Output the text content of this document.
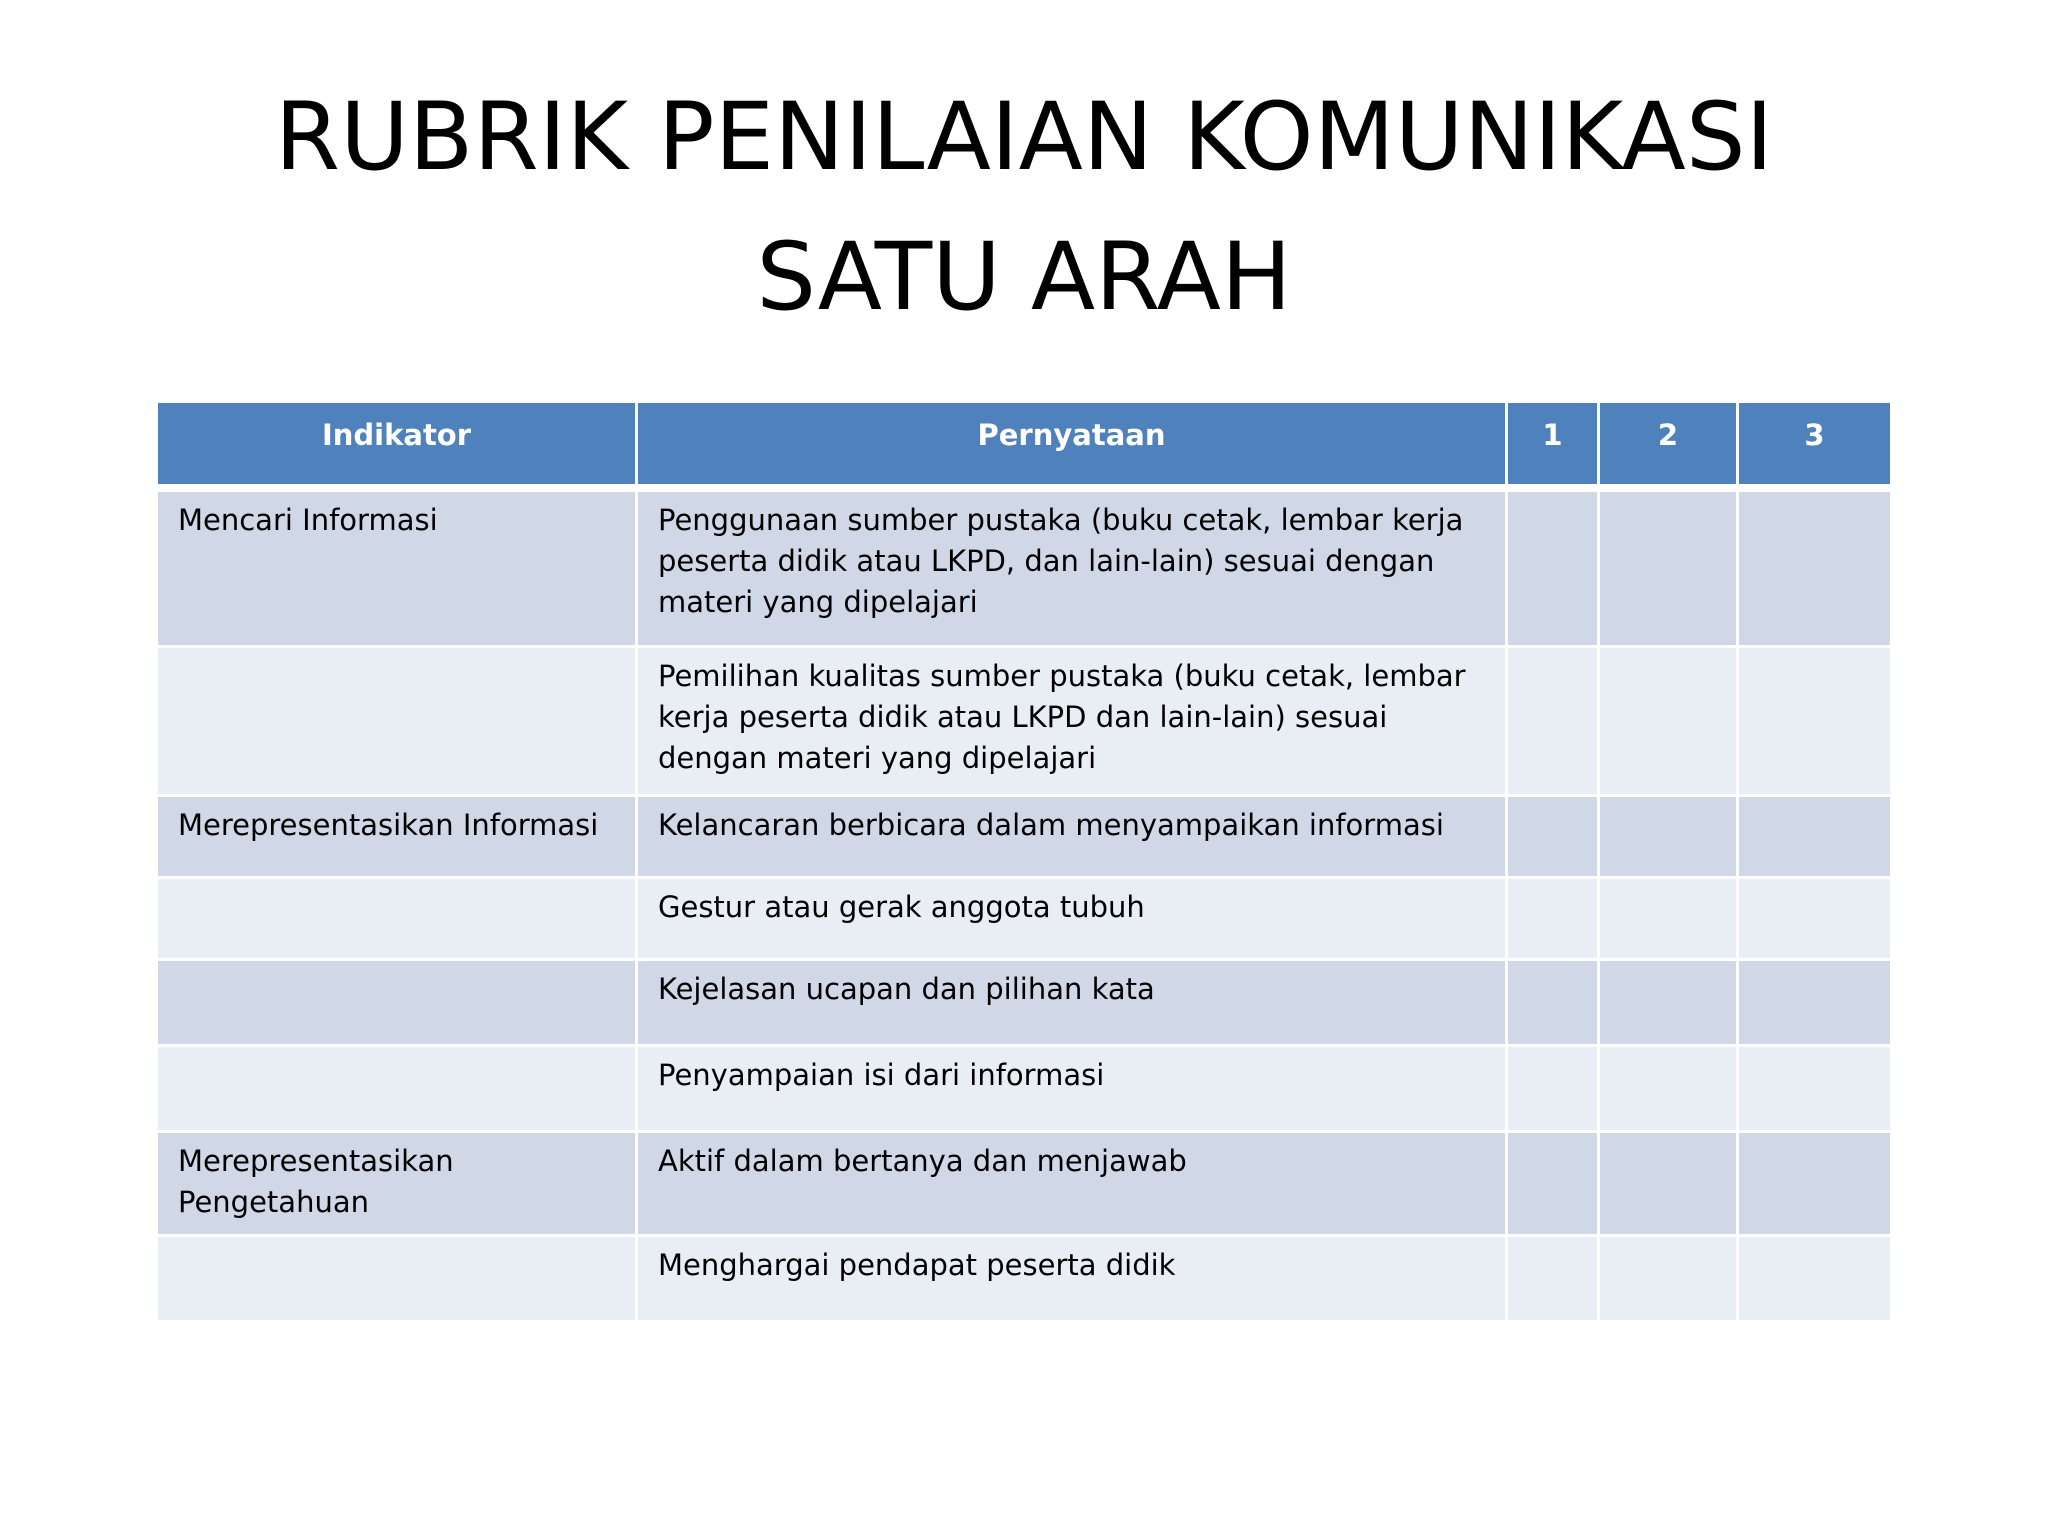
RUBRIK PENILAIAN KOMUNIKASI
SATU ARAH
Indikator	Pernyataan	1	2	3
Mencari Informasi	Penggunaan sumber pustaka (buku cetak, lembar kerja peserta didik atau LKPD, dan lain-lain) sesuai dengan materi yang dipelajari			
	Pemilihan kualitas sumber pustaka (buku cetak, lembar kerja peserta didik atau LKPD dan lain-lain) sesuai dengan materi yang dipelajari			
Merepresentasikan Informasi	Kelancaran berbicara dalam menyampaikan informasi			
	Gestur atau gerak anggota tubuh			
	Kejelasan ucapan dan pilihan kata			
	Penyampaian isi dari informasi			
Merepresentasikan Pengetahuan	Aktif dalam bertanya dan menjawab			
	Menghargai pendapat peserta didik			
